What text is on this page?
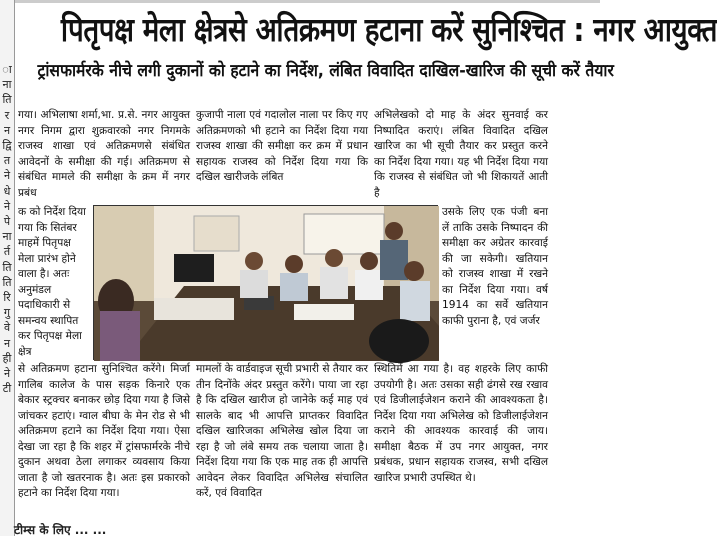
ा
ना
ति
र
न
द्वि
त
ने
धे
ने
पे
ना
र्त
ति
ति
रि
गु
वे
न
ही
ने
टी
पितृपक्ष मेला क्षेत्रसे अतिक्रमण हटाना करें सुनिश्चित : नगर आयुक्त
ट्रांसफार्मरके नीचे लगी दुकानों को हटाने का निर्देश, लंबित विवादित दाखिल-खारिज की सूची करें तैयार

गया। अभिलाषा शर्मा,भा. प्र.से. नगर आयुक्त नगर निगम द्वारा शुक्रवारको नगर निगमके राजस्व शाखा एवं अतिक्रमणसे संबंधित आवेदनों के समीक्षा की गई। अतिक्रमण से संबंधित मामले की समीक्षा के क्रम में नगर प्रबंध

क को निर्देश दिया गया कि सितंबर माहमें पितृपक्ष मेला प्रारंभ होने वाला है। अतः अनुमंडल पदाधिकारी से समन्वय स्थापित कर पितृपक्ष मेला क्षेत्र

से अतिक्रमण हटाना सुनिश्चित करेंगे। मिर्जा गालिब कालेज के पास सड़क किनारे एक बेकार स्ट्रक्चर बनाकर छोड़ दिया गया है जिसे जांचकर हटाएं। ग्वाल बीघा के मेन रोड से भी अतिक्रमण हटाने का निर्देश दिया गया। ऐसा देखा जा रहा है कि शहर में ट्रांसफार्मरके नीचे दुकान अथवा ठेला लगाकर व्यवसाय किया जाता है जो खतरनाक है। अतः इस प्रकारको हटाने का निर्देश दिया गया।

कुजापी नाला एवं गदालोल नाला पर किए गए अतिक्रमणको भी हटाने का निर्देश दिया गया राजस्व शाखा की समीक्षा कर क्रम में प्रधान सहायक राजस्व को निर्देश दिया गया कि दखिल खारीजके लंबित

मामलों के वार्डवाइज सूची प्रभारी से तैयार कर तीन दिनोंके अंदर प्रस्तुत करेंगे। पाया जा रहा है कि दखिल खारीज हो जानेके कई माह एवं सालके बाद भी आपत्ति प्राप्तकर विवादित दखिल खारिजका अभिलेख खोल दिया जा रहा है जो लंबे समय तक चलाया जाता है। निर्देश दिया गया कि एक माह तक ही आपत्ति आवेदन लेकर विवादित अभिलेख संचालित करें, एवं विवादित

अभिलेखको दो माह के अंदर सुनवाई कर निष्पादित कराएं। लंबित विवादित दखिल खारिज का भी सूची तैयार कर प्रस्तुत करने का निर्देश दिया गया। यह भी निर्देश दिया गया कि राजस्व से संबंधित जो भी शिकायतें आती है

उसके लिए एक पंजी बना लें ताकि उसके निष्पादन की समीक्षा कर अग्रेतर कारवाई की जा सकेगी। खतियान को राजस्व शाखा में रखने का निर्देश दिया गया। वर्ष 1914 का सर्वे खतियान काफी पुराना है, एवं जर्जर

स्थितिमें आ गया है। वह शहरके लिए काफी उपयोगी है। अतः उसका सही ढंगसे रख रखाव एवं डिजीलाईजेशन कराने की आवश्यकता है। निर्देश दिया गया अभिलेख को डिजीलाईजेशन कराने की आवश्यक कारवाई की जाय। समीक्षा बैठक में उप नगर आयुक्त, नगर प्रबंधक, प्रधान सहायक राजस्व, सभी दखिल खारिज प्रभारी उपस्थित थे।

टीम्स के लिए ... ...
